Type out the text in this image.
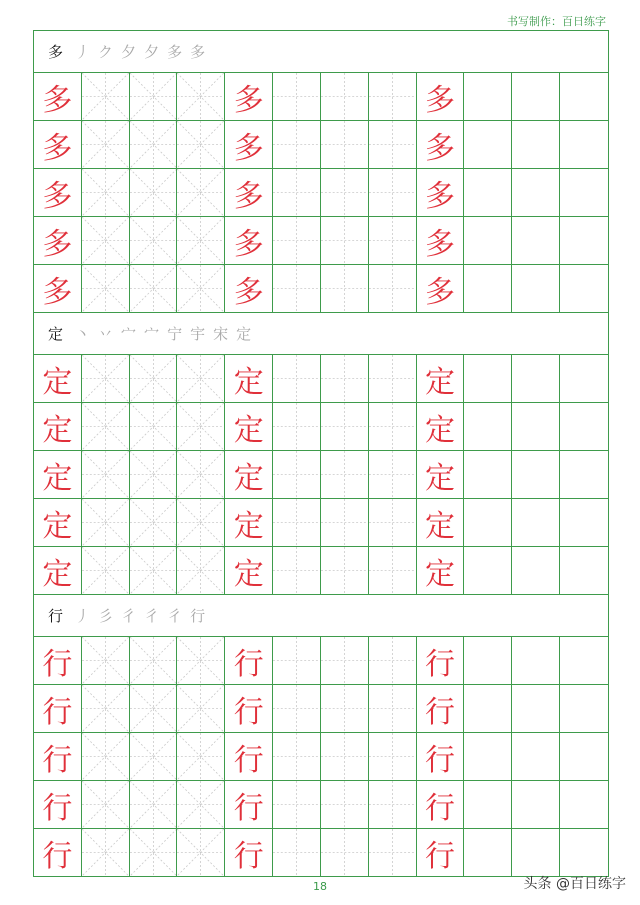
书写制作：百日练字
多 丿 ク 夕 夕 多 多
多	多	多
多	多	多
多	多	多
多	多	多
多	多	多
定 丶 丷 宀 宀 宁 宇 宋 定
定	定	定
定	定	定
定	定	定
定	定	定
定	定	定
行 丿 彡 彳 彳 彳 行
行	行	行
行	行	行
行	行	行
行	行	行
行	行	行
18	头条 @百日练字
